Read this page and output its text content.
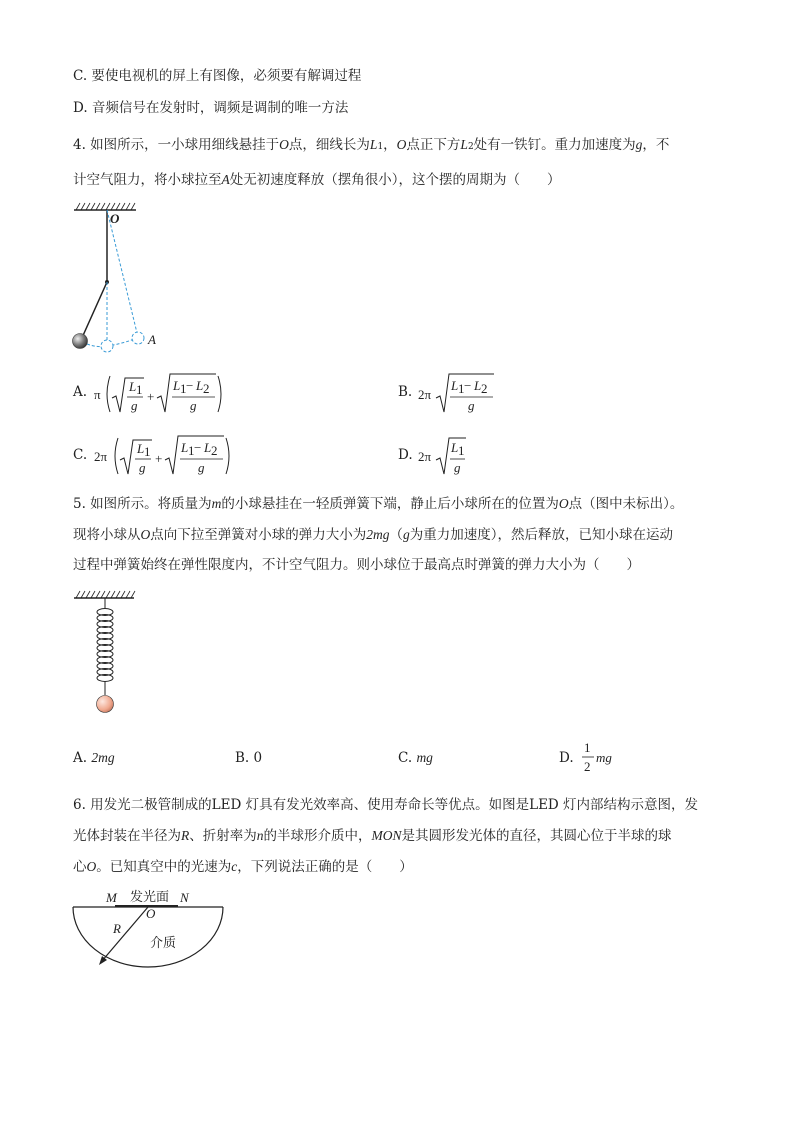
C. 要使电视机的屏上有图像，必须要有解调过程
D. 音频信号在发射时，调频是调制的唯一方法
4. 如图所示，一小球用细线悬挂于O点，细线长为L1，O点正下方L2处有一铁钉。重力加速度为g，不
计空气阻力，将小球拉至A处无初速度释放（摆角很小），这个摆的周期为（　　）
O
A
A. π
L 1
g
+
L 1 − L 2
g
B. 2π
L 1 − L 2
g
C. 2π
L 1
g
+
L 1 − L 2
g
D. 2π
L 1
g
5. 如图所示。将质量为m的小球悬挂在一轻质弹簧下端，静止后小球所在的位置为O点（图中未标出）。
现将小球从O点向下拉至弹簧对小球的弹力大小为2mg（g为重力加速度），然后释放，已知小球在运动
过程中弹簧始终在弹性限度内，不计空气阻力。则小球位于最高点时弹簧的弹力大小为（　　）
A. 2mg	B. 0	C. mg	D.
1
2
mg
6. 用发光二极管制成的LED 灯具有发光效率高、使用寿命长等优点。如图是LED 灯内部结构示意图，发
光体封装在半径为R、折射率为n的半球形介质中，MON是其圆形发光体的直径，其圆心位于半球的球
心O。已知真空中的光速为c，下列说法正确的是（　　）
M 发光面 N
O
R
介质
